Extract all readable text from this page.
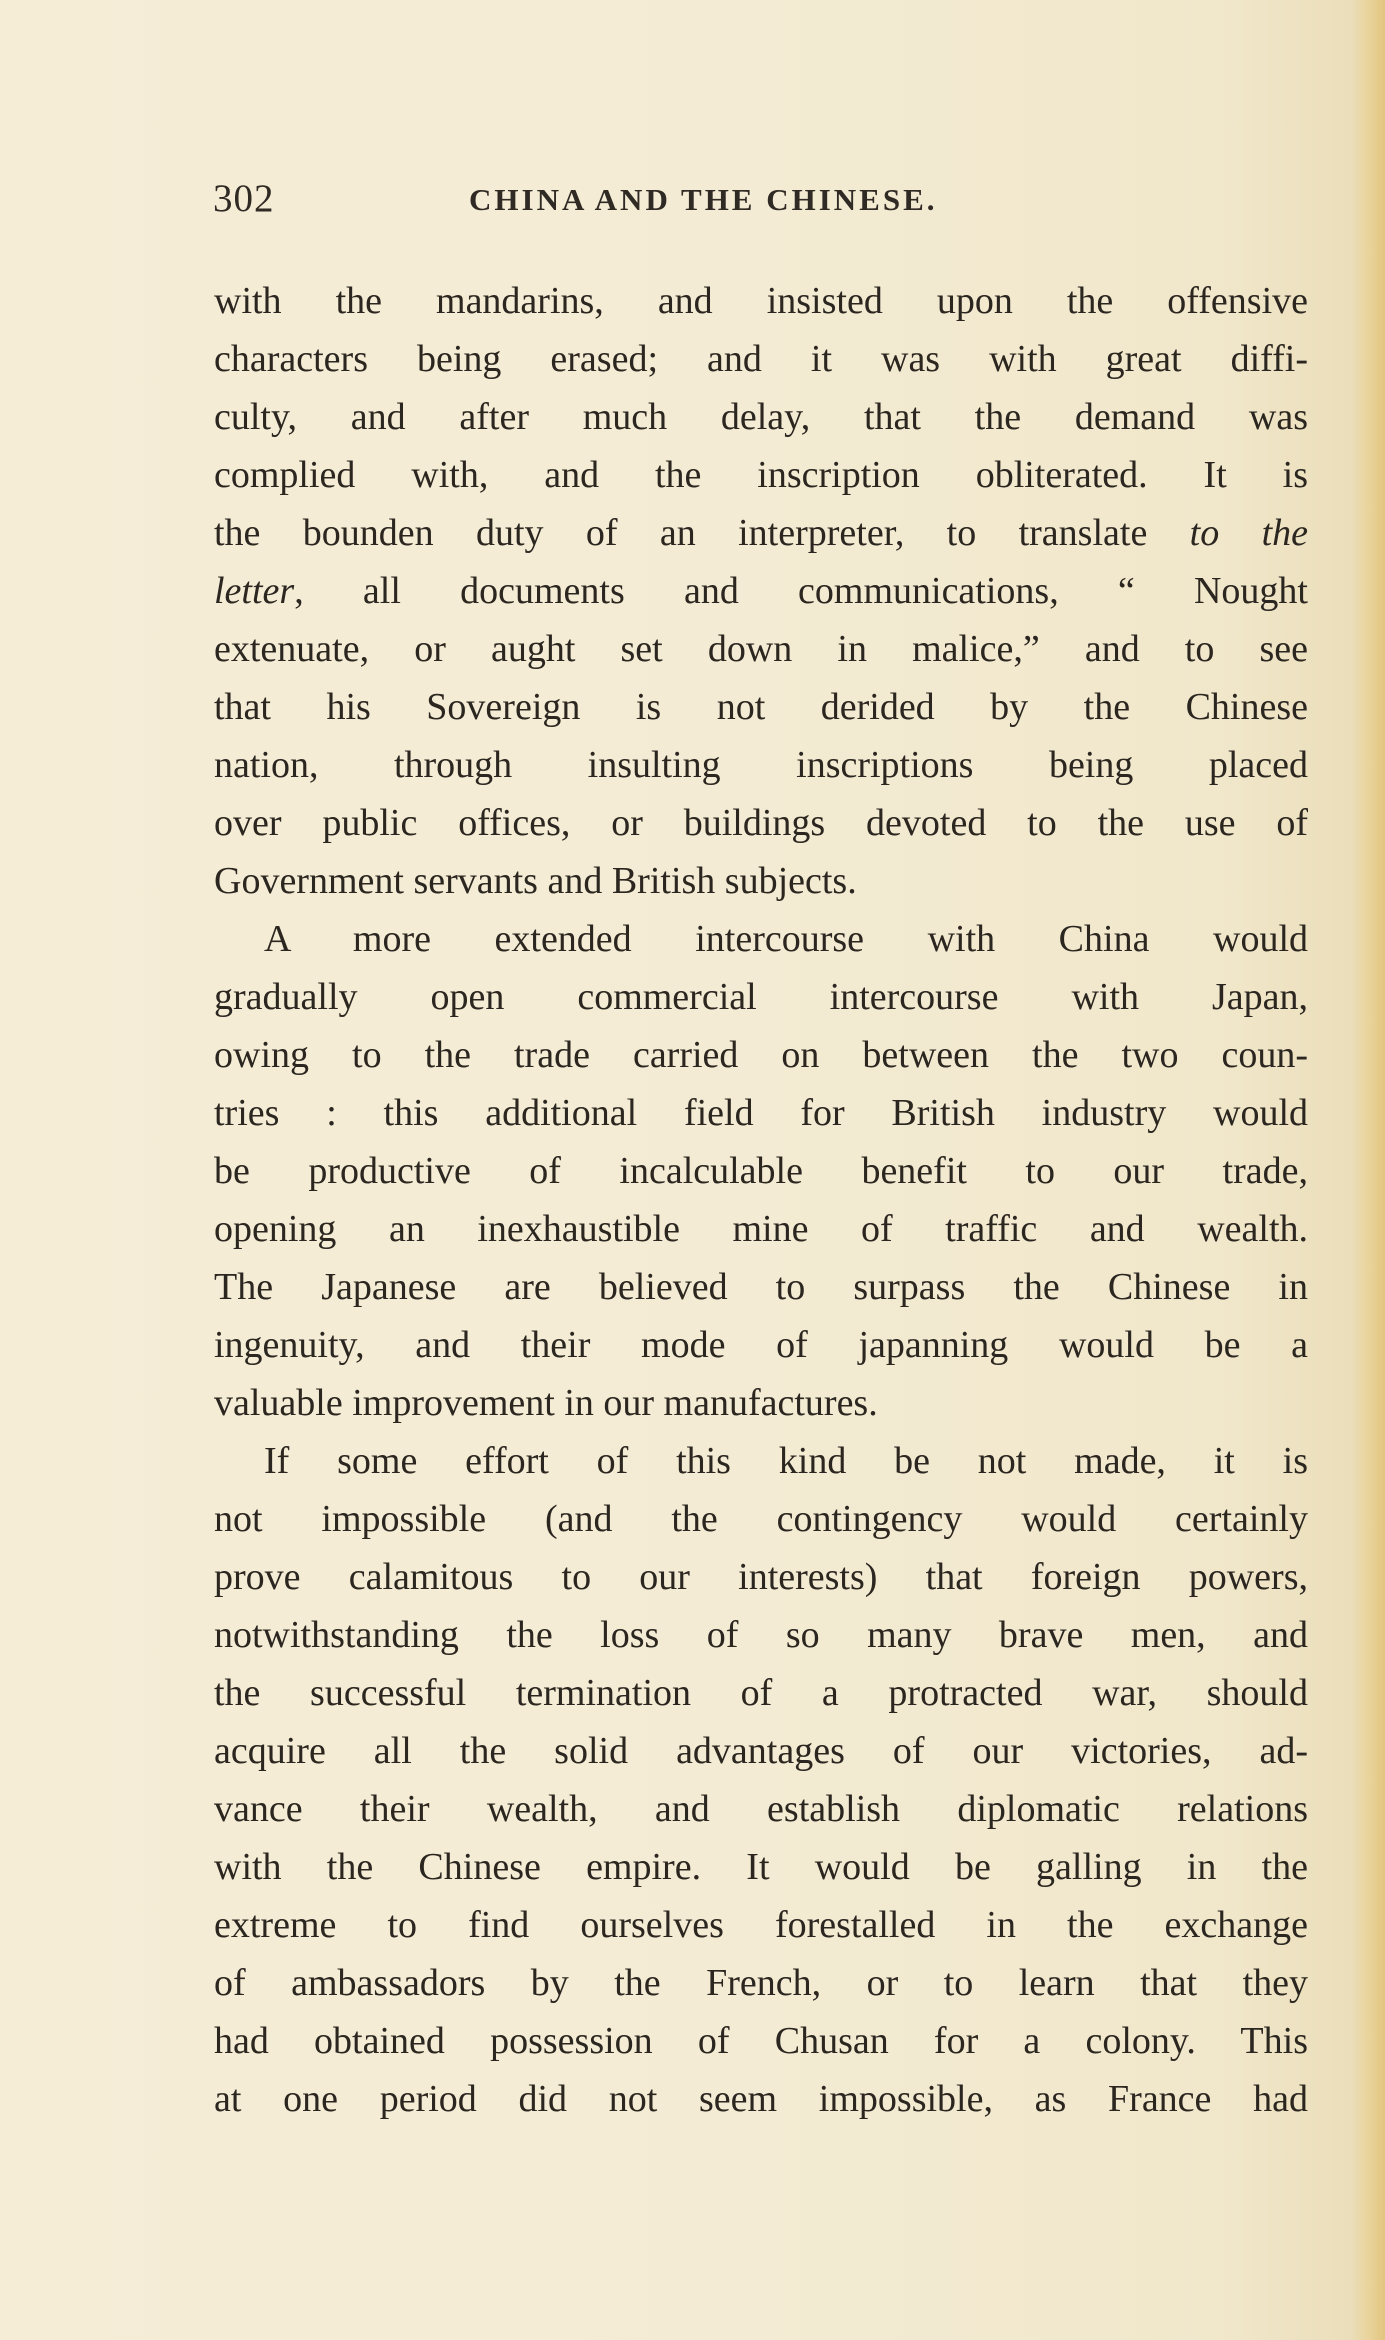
302	CHINA AND THE CHINESE.
with the mandarins, and insisted upon the offensive
characters being erased; and it was with great diffi-
culty, and after much delay, that the demand was
complied with, and the inscription obliterated. It is
the bounden duty of an interpreter, to translate to the
letter, all documents and communications, “ Nought
extenuate, or aught set down in malice,” and to see
that his Sovereign is not derided by the Chinese
nation, through insulting inscriptions being placed
over public offices, or buildings devoted to the use of
Government servants and British subjects.
A more extended intercourse with China would
gradually open commercial intercourse with Japan,
owing to the trade carried on between the two coun-
tries : this additional field for British industry would
be productive of incalculable benefit to our trade,
opening an inexhaustible mine of traffic and wealth.
The Japanese are believed to surpass the Chinese in
ingenuity, and their mode of japanning would be a
valuable improvement in our manufactures.
If some effort of this kind be not made, it is
not impossible (and the contingency would certainly
prove calamitous to our interests) that foreign powers,
notwithstanding the loss of so many brave men, and
the successful termination of a protracted war, should
acquire all the solid advantages of our victories, ad-
vance their wealth, and establish diplomatic relations
with the Chinese empire. It would be galling in the
extreme to find ourselves forestalled in the exchange
of ambassadors by the French, or to learn that they
had obtained possession of Chusan for a colony. This
at one period did not seem impossible, as France had
